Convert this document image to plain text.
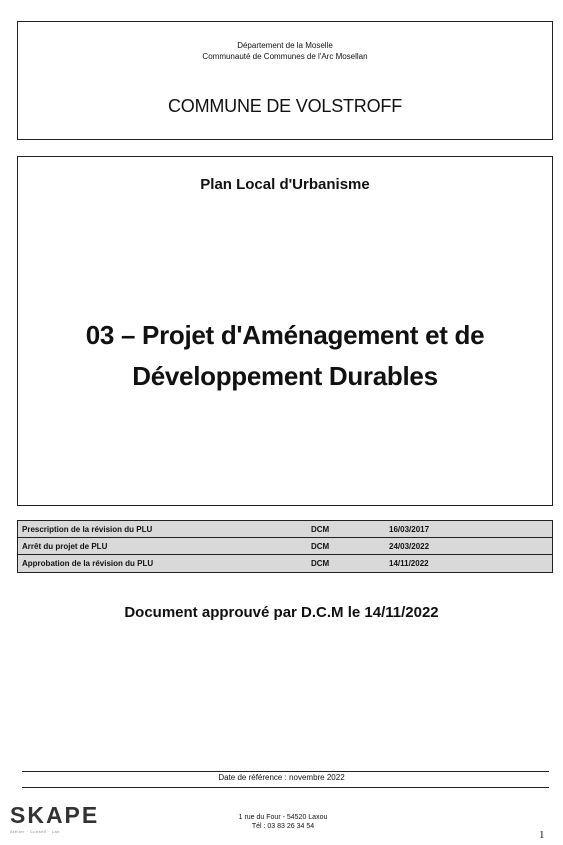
Département de la Moselle
Communauté de Communes de l'Arc Mosellan
COMMUNE DE VOLSTROFF
Plan Local d'Urbanisme
03 – Projet d'Aménagement et de
Développement Durables
Prescription de la révision du PLU	DCM	16/03/2017
Arrêt du projet de PLU	DCM	24/03/2022
Approbation de la révision du PLU	DCM	14/11/2022
Document approuvé par D.C.M le 14/11/2022
Date de référence : novembre 2022
SKAPE
Atelier · Conseil · Lab
1 rue du Four - 54520 Laxou
Tél : 03 83 26 34 54
1
